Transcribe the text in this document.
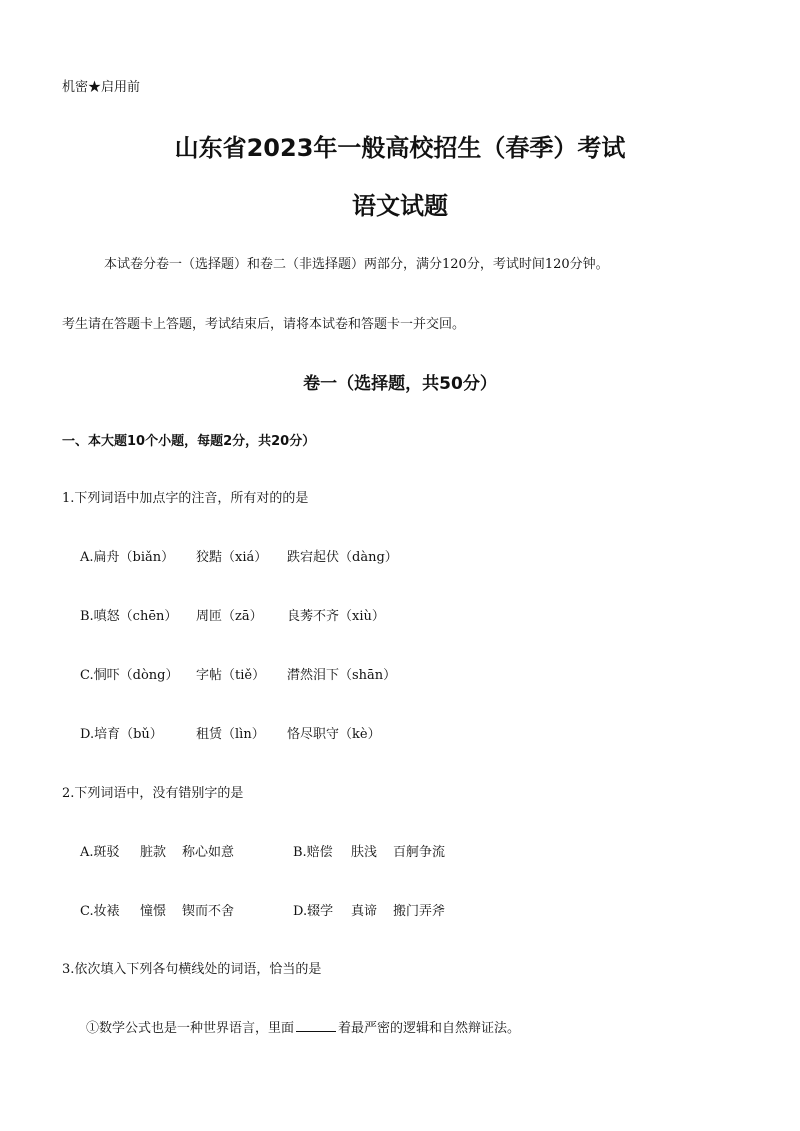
机密★启用前
山东省2023年一般高校招生（春季）考试
语文试题
本试卷分卷一（选择题）和卷二（非选择题）两部分，满分120分，考试时间120分钟。
考生请在答题卡上答题，考试结束后，请将本试卷和答题卡一并交回。
卷一（选择题，共50分）
一、本大题10个小题，每题2分，共20分）
1.下列词语中加点字的注音，所有对的的是
A.扁舟（biǎn） 狡黠（xiá） 跌宕起伏（dàng）
B.嗔怒（chēn） 周匝（zā） 良莠不齐（xiù）
C.恫吓（dòng） 字帖（tiě） 潸然泪下（shān）
D.培育（bǔ）	租赁（lìn） 恪尽职守（kè）
2.下列词语中，没有错别字的是
A.斑驳 脏款 称心如意	B.赔偿 肤浅 百舸争流
C.妆裱 憧憬 锲而不舍	D.辍学 真谛 搬门弄斧
3.依次填入下列各句横线处的词语，恰当的是
①数学公式也是一种世界语言，里面	着最严密的逻辑和自然辩证法。
